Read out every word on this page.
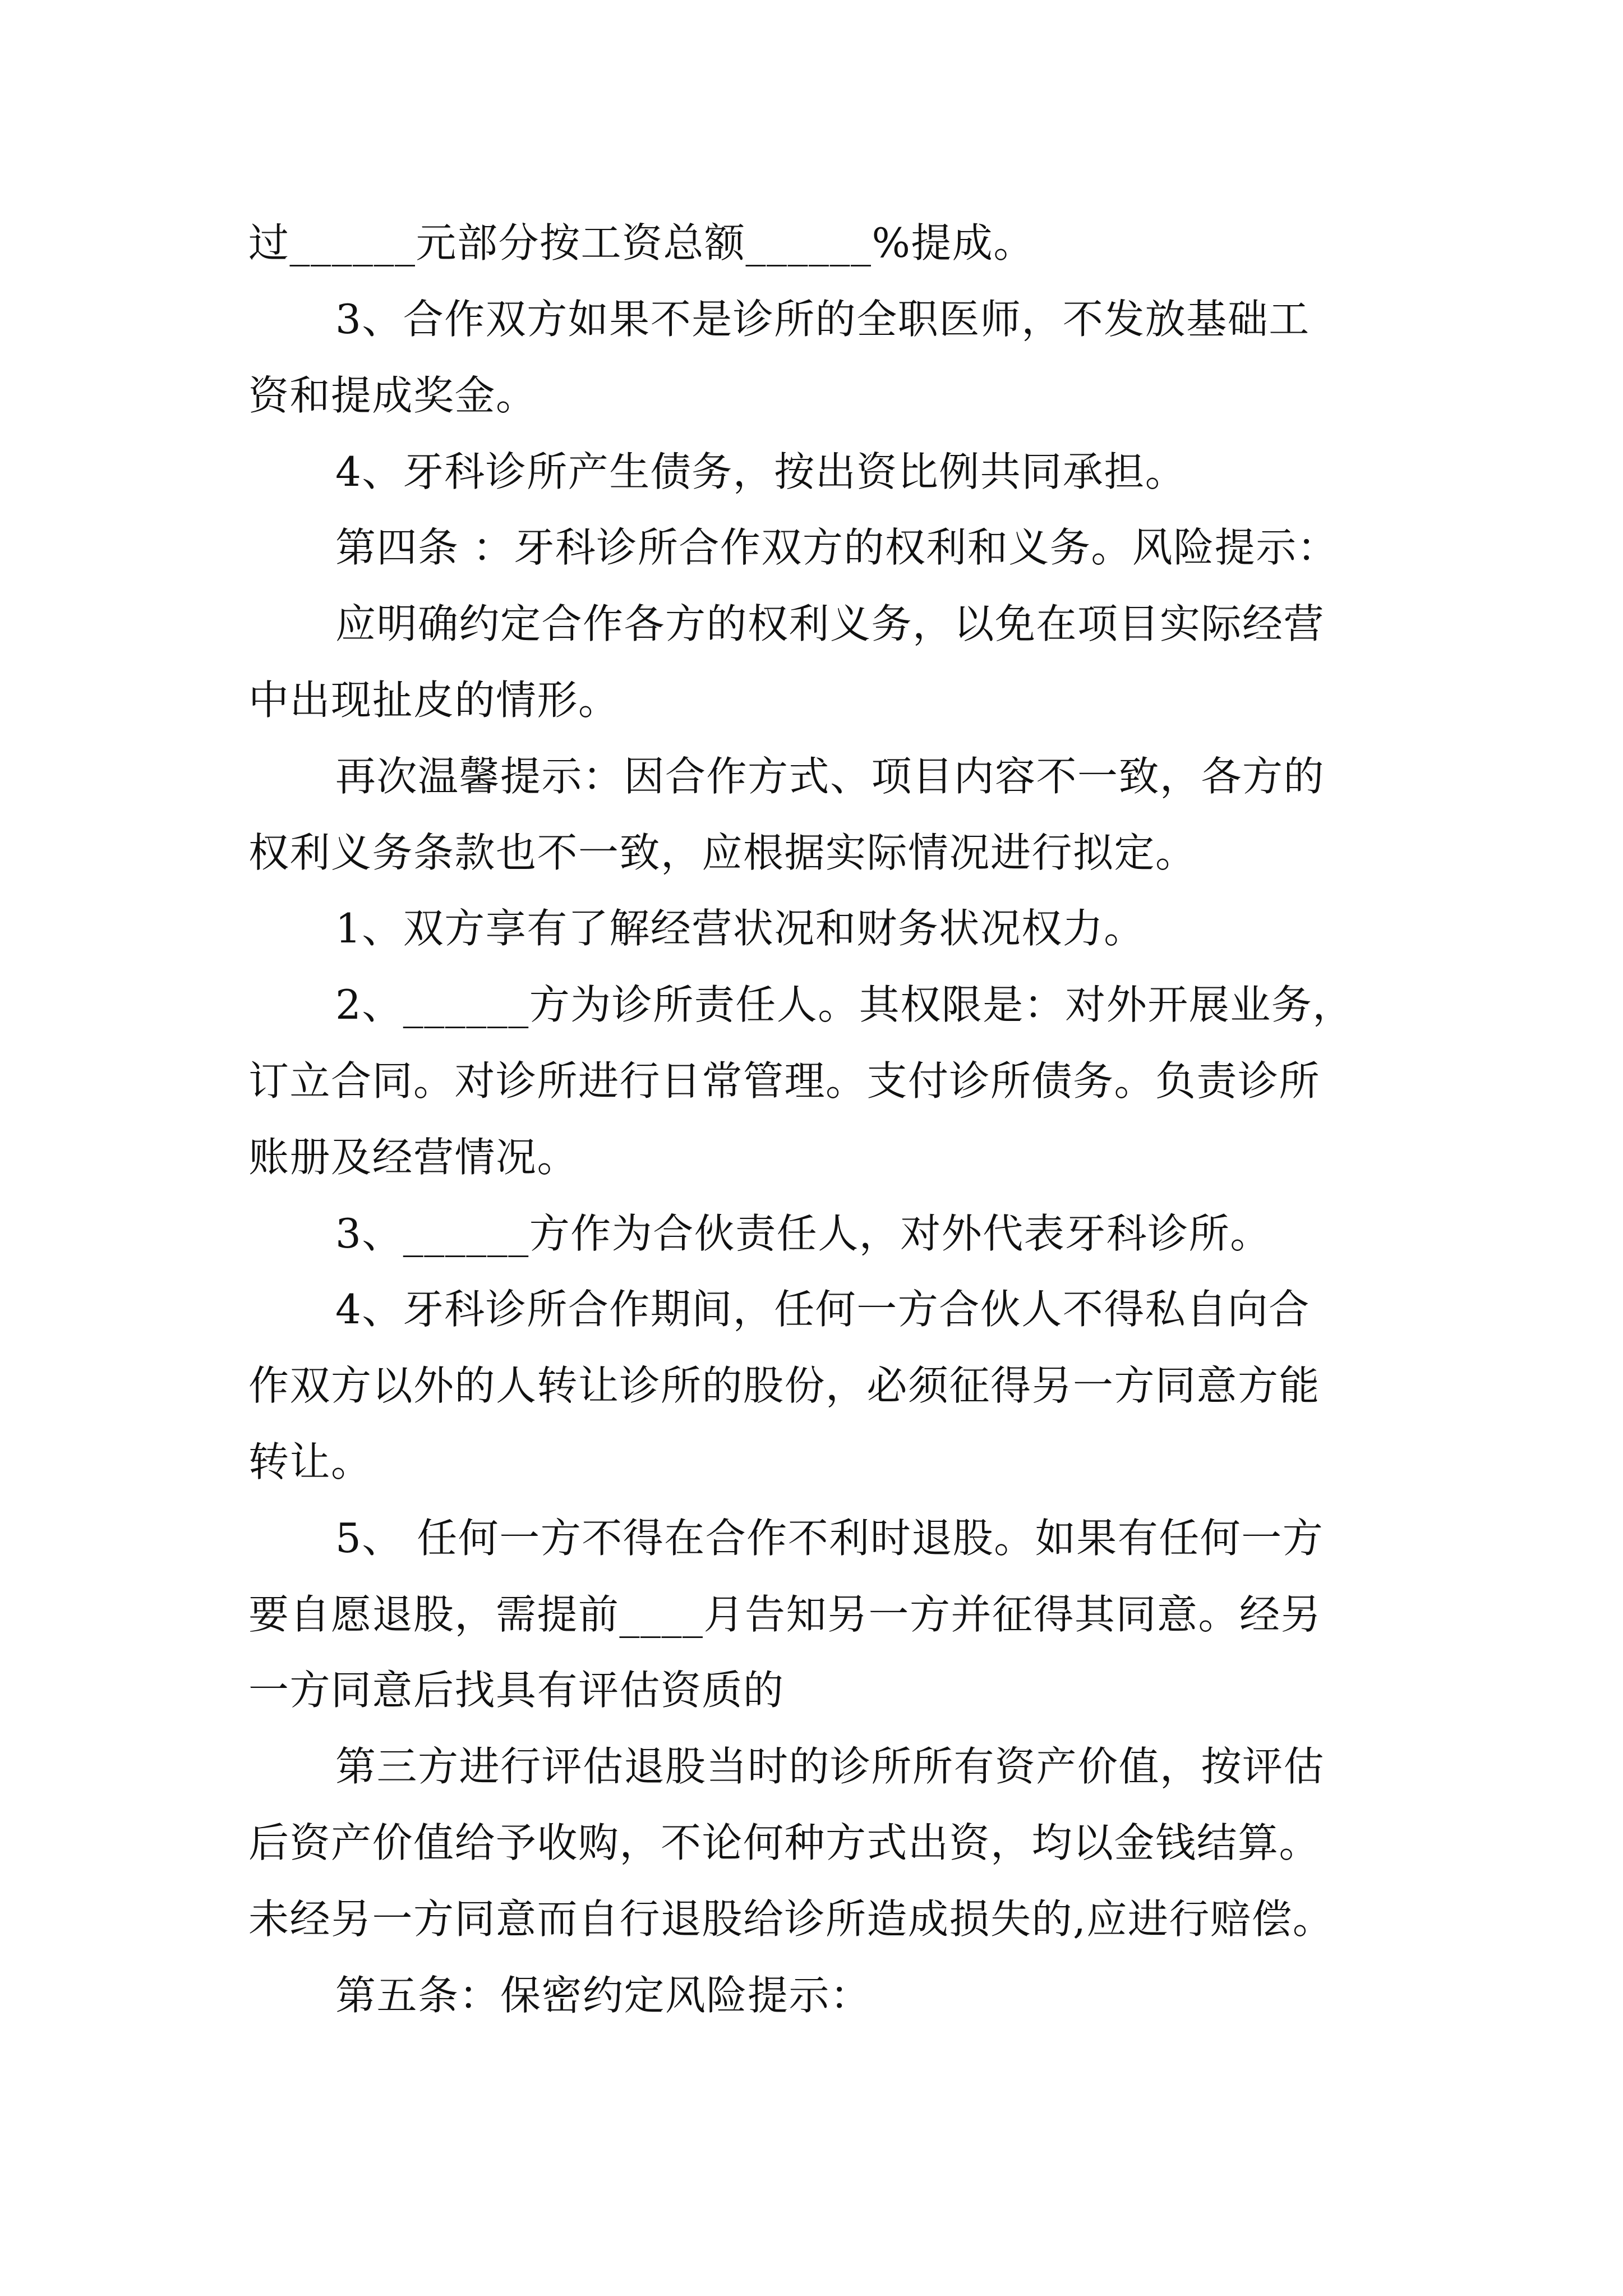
过______元部分按工资总额______%提成。
3、合作双方如果不是诊所的全职医师，不发放基础工
资和提成奖金。
4、牙科诊所产生债务，按出资比例共同承担。
第四条 ：牙科诊所合作双方的权利和义务。风险提示：
应明确约定合作各方的权利义务，以免在项目实际经营
中出现扯皮的情形。
再次温馨提示：因合作方式、项目内容不一致，各方的
权利义务条款也不一致，应根据实际情况进行拟定。
1、双方享有了解经营状况和财务状况权力。
2、______方为诊所责任人。其权限是：对外开展业务，
订立合同。对诊所进行日常管理。支付诊所债务。负责诊所
账册及经营情况。
3、______方作为合伙责任人，对外代表牙科诊所。
4、牙科诊所合作期间，任何一方合伙人不得私自向合
作双方以外的人转让诊所的股份，必须征得另一方同意方能
转让。
5、 任何一方不得在合作不利时退股。如果有任何一方
要自愿退股，需提前____月告知另一方并征得其同意。经另
一方同意后找具有评估资质的
第三方进行评估退股当时的诊所所有资产价值，按评估
后资产价值给予收购，不论何种方式出资，均以金钱结算。
未经另一方同意而自行退股给诊所造成损失的,应进行赔偿。
第五条：保密约定风险提示：
